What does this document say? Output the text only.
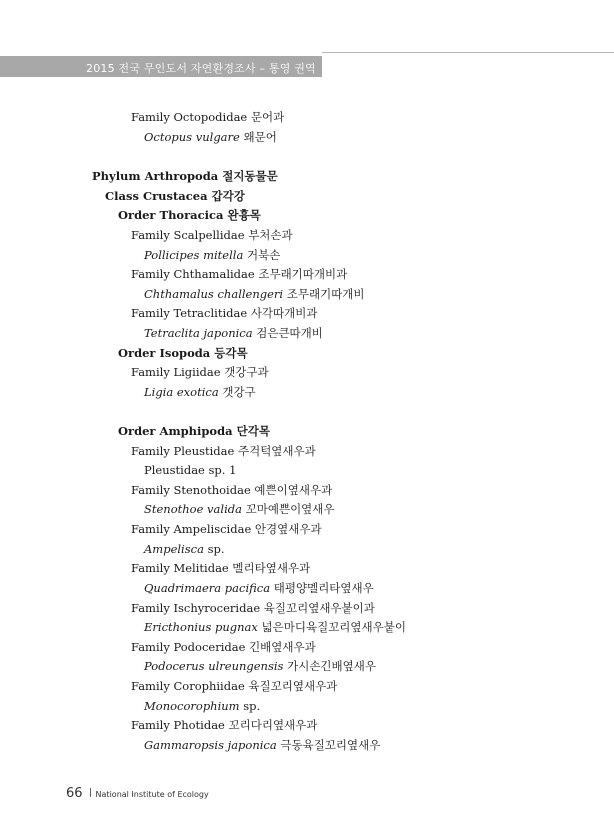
2015 전국 무인도서 자연환경조사 – 통영 권역
Family Octopodidae 문어과
Octopus vulgare 왜문어
Phylum Arthropoda 절지동물문
Class Crustacea 갑각강
Order Thoracica 완흉목
Family Scalpellidae 부처손과
Pollicipes mitella 거북손
Family Chthamalidae 조무래기따개비과
Chthamalus challengeri 조무래기따개비
Family Tetraclitidae 사각따개비과
Tetraclita japonica 검은큰따개비
Order Isopoda 등각목
Family Ligiidae 갯강구과
Ligia exotica 갯강구
Order Amphipoda 단각목
Family Pleustidae 주걱턱옆새우과
Pleustidae sp. 1
Family Stenothoidae 예쁜이옆새우과
Stenothoe valida 꼬마예쁜이옆새우
Family Ampeliscidae 안경옆새우과
Ampelisca sp.
Family Melitidae 멜리타옆새우과
Quadrimaera pacifica 태평양멜리타옆새우
Family Ischyroceridae 육질꼬리옆새우붙이과
Ericthonius pugnax 넓은마디육질꼬리옆새우붙이
Family Podoceridae 긴배옆새우과
Podocerus ulreungensis 가시손긴배옆새우
Family Corophiidae 육질꼬리옆새우과
Monocorophium sp.
Family Photidae 꼬리다리옆새우과
Gammaropsis japonica 극동육질꼬리옆새우
66 National Institute of Ecology
